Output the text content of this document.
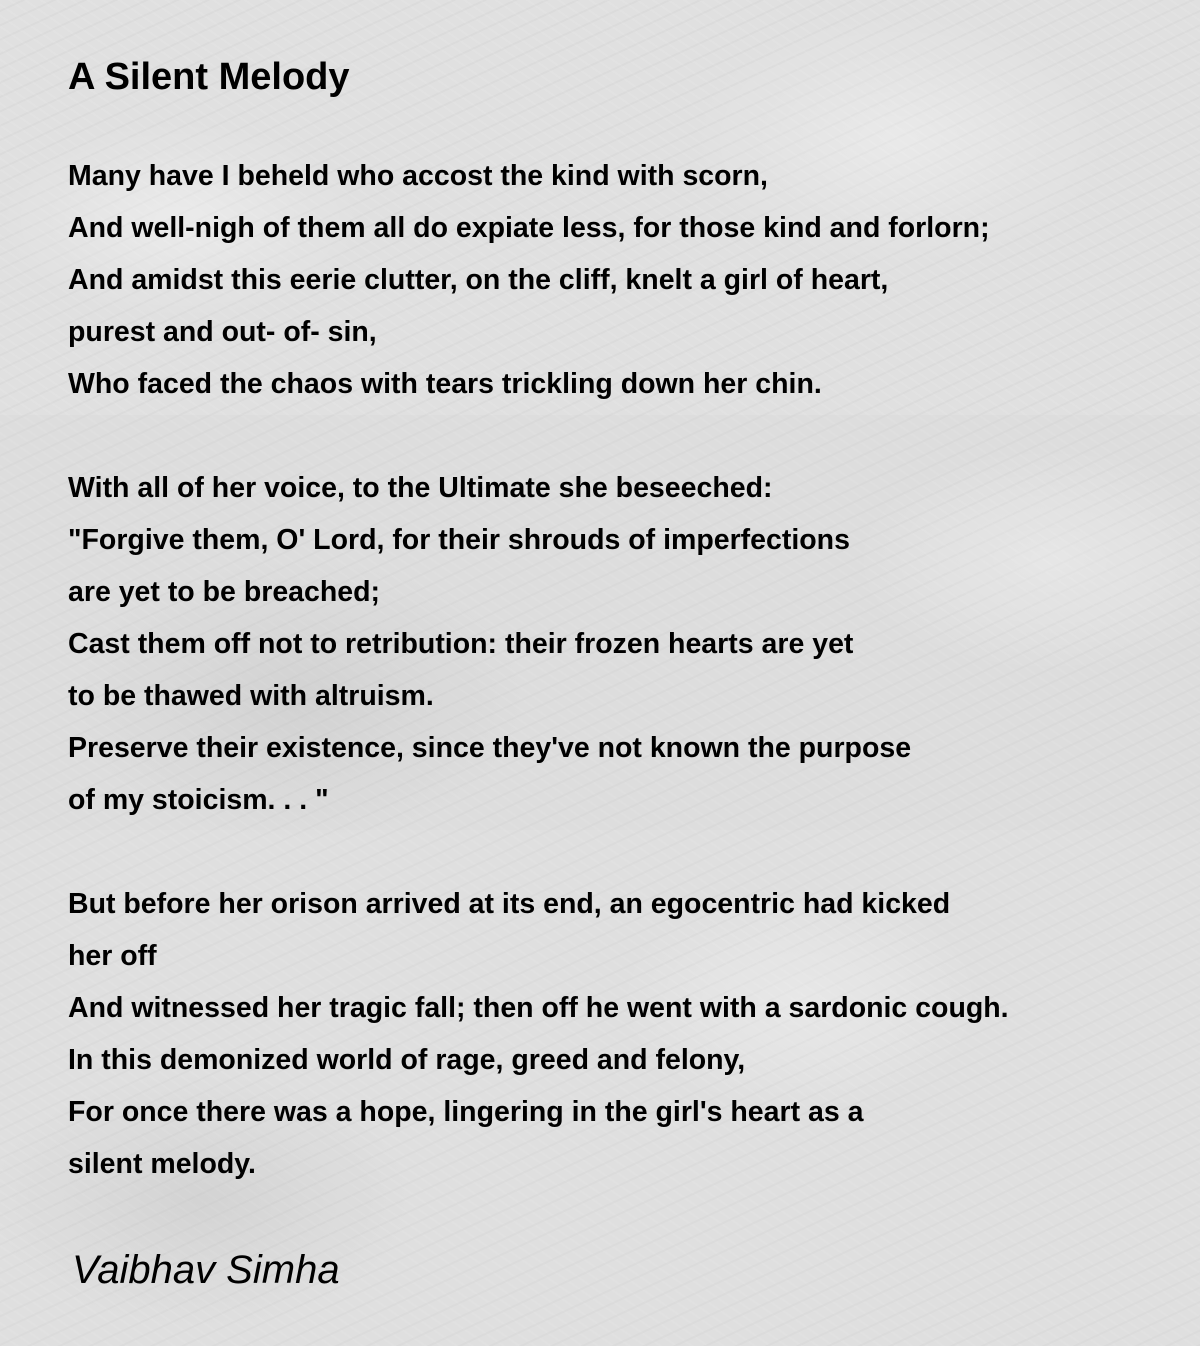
A Silent Melody
Many have I beheld who accost the kind with scorn,
And well-nigh of them all do expiate less, for those kind and forlorn;
And amidst this eerie clutter, on the cliff, knelt a girl of heart,
purest and out- of- sin,
Who faced the chaos with tears trickling down her chin.
With all of her voice, to the Ultimate she beseeched:
"Forgive them, O' Lord, for their shrouds of imperfections
are yet to be breached;
Cast them off not to retribution: their frozen hearts are yet
to be thawed with altruism.
Preserve their existence, since they've not known the purpose
of my stoicism. . . "
But before her orison arrived at its end, an egocentric had kicked
her off
And witnessed her tragic fall; then off he went with a sardonic cough.
In this demonized world of rage, greed and felony,
For once there was a hope, lingering in the girl's heart as a
silent melody.
Vaibhav Simha
